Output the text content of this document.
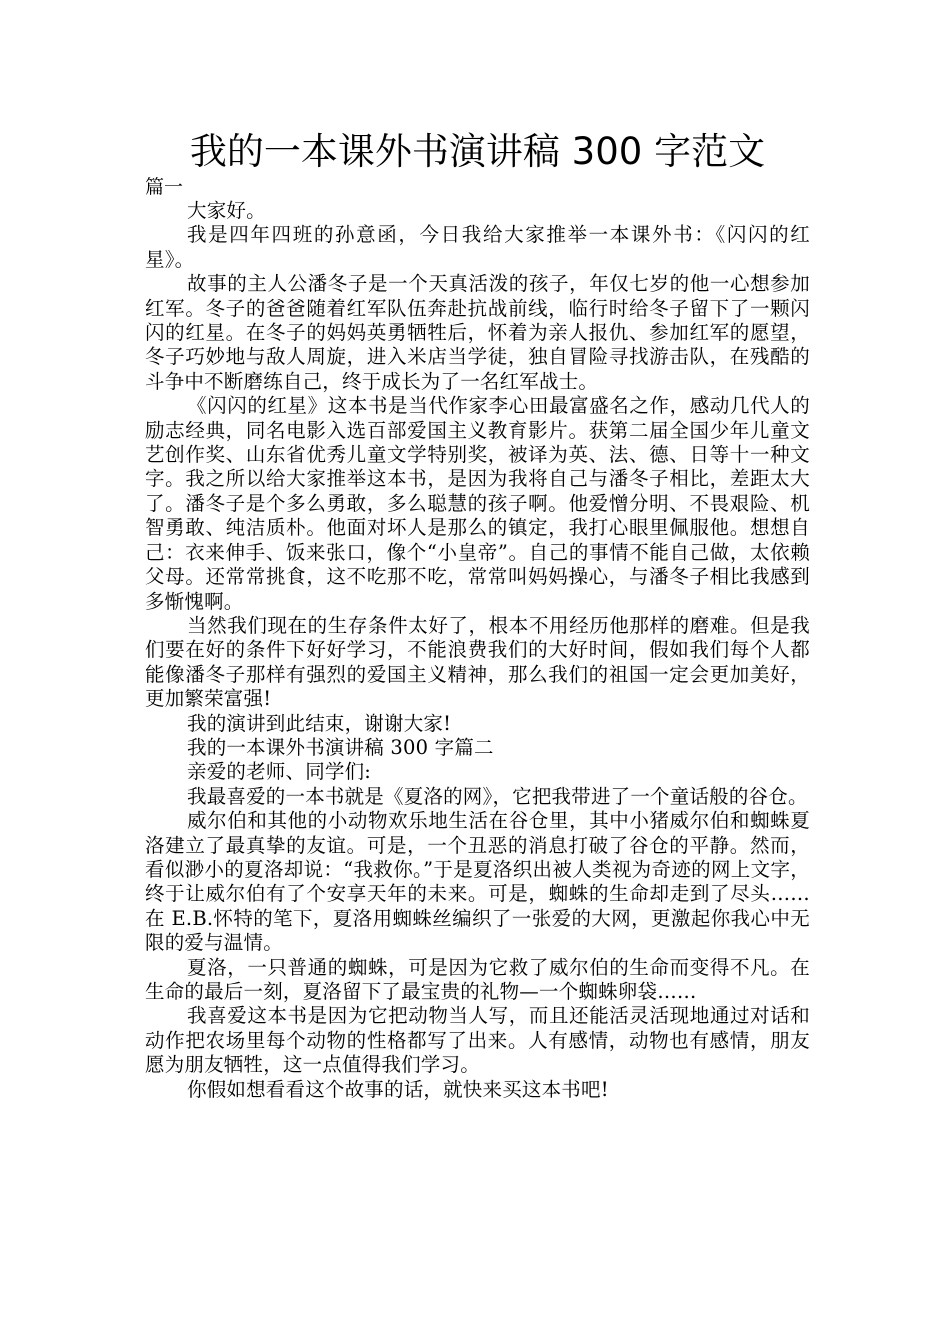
我的一本课外书演讲稿 300 字范文
篇一

大家好。

我是四年四班的孙意函，今日我给大家推举一本课外书：《闪闪的红星》。

故事的主人公潘冬子是一个天真活泼的孩子，年仅七岁的他一心想参加红军。冬子的爸爸随着红军队伍奔赴抗战前线，临行时给冬子留下了一颗闪闪的红星。在冬子的妈妈英勇牺牲后，怀着为亲人报仇、参加红军的愿望，冬子巧妙地与敌人周旋，进入米店当学徒，独自冒险寻找游击队，在残酷的斗争中不断磨练自己，终于成长为了一名红军战士。

《闪闪的红星》这本书是当代作家李心田最富盛名之作，感动几代人的励志经典，同名电影入选百部爱国主义教育影片。获第二届全国少年儿童文艺创作奖、山东省优秀儿童文学特别奖，被译为英、法、德、日等十一种文字。我之所以给大家推举这本书，是因为我将自己与潘冬子相比，差距太大了。潘冬子是个多么勇敢，多么聪慧的孩子啊。他爱憎分明、不畏艰险、机智勇敢、纯洁质朴。他面对坏人是那么的镇定，我打心眼里佩服他。想想自己：衣来伸手、饭来张口，像个“小皇帝”。自己的事情不能自己做，太依赖父母。还常常挑食，这不吃那不吃，常常叫妈妈操心，与潘冬子相比我感到多惭愧啊。

当然我们现在的生存条件太好了，根本不用经历他那样的磨难。但是我们要在好的条件下好好学习，不能浪费我们的大好时间，假如我们每个人都能像潘冬子那样有强烈的爱国主义精神，那么我们的祖国一定会更加美好，更加繁荣富强!

我的演讲到此结束，谢谢大家!

我的一本课外书演讲稿 300 字篇二

亲爱的老师、同学们:

我最喜爱的一本书就是《夏洛的网》，它把我带进了一个童话般的谷仓。

威尔伯和其他的小动物欢乐地生活在谷仓里，其中小猪威尔伯和蜘蛛夏洛建立了最真挚的友谊。可是，一个丑恶的消息打破了谷仓的平静。然而，看似渺小的夏洛却说：“我救你。”于是夏洛织出被人类视为奇迹的网上文字，终于让威尔伯有了个安享天年的未来。可是，蜘蛛的生命却走到了尽头……在 E.B.怀特的笔下，夏洛用蜘蛛丝编织了一张爱的大网，更激起你我心中无限的爱与温情。

夏洛，一只普通的蜘蛛，可是因为它救了威尔伯的生命而变得不凡。在生命的最后一刻，夏洛留下了最宝贵的礼物—一个蜘蛛卵袋……

我喜爱这本书是因为它把动物当人写，而且还能活灵活现地通过对话和动作把农场里每个动物的性格都写了出来。人有感情，动物也有感情，朋友愿为朋友牺牲，这一点值得我们学习。

你假如想看看这个故事的话，就快来买这本书吧!
